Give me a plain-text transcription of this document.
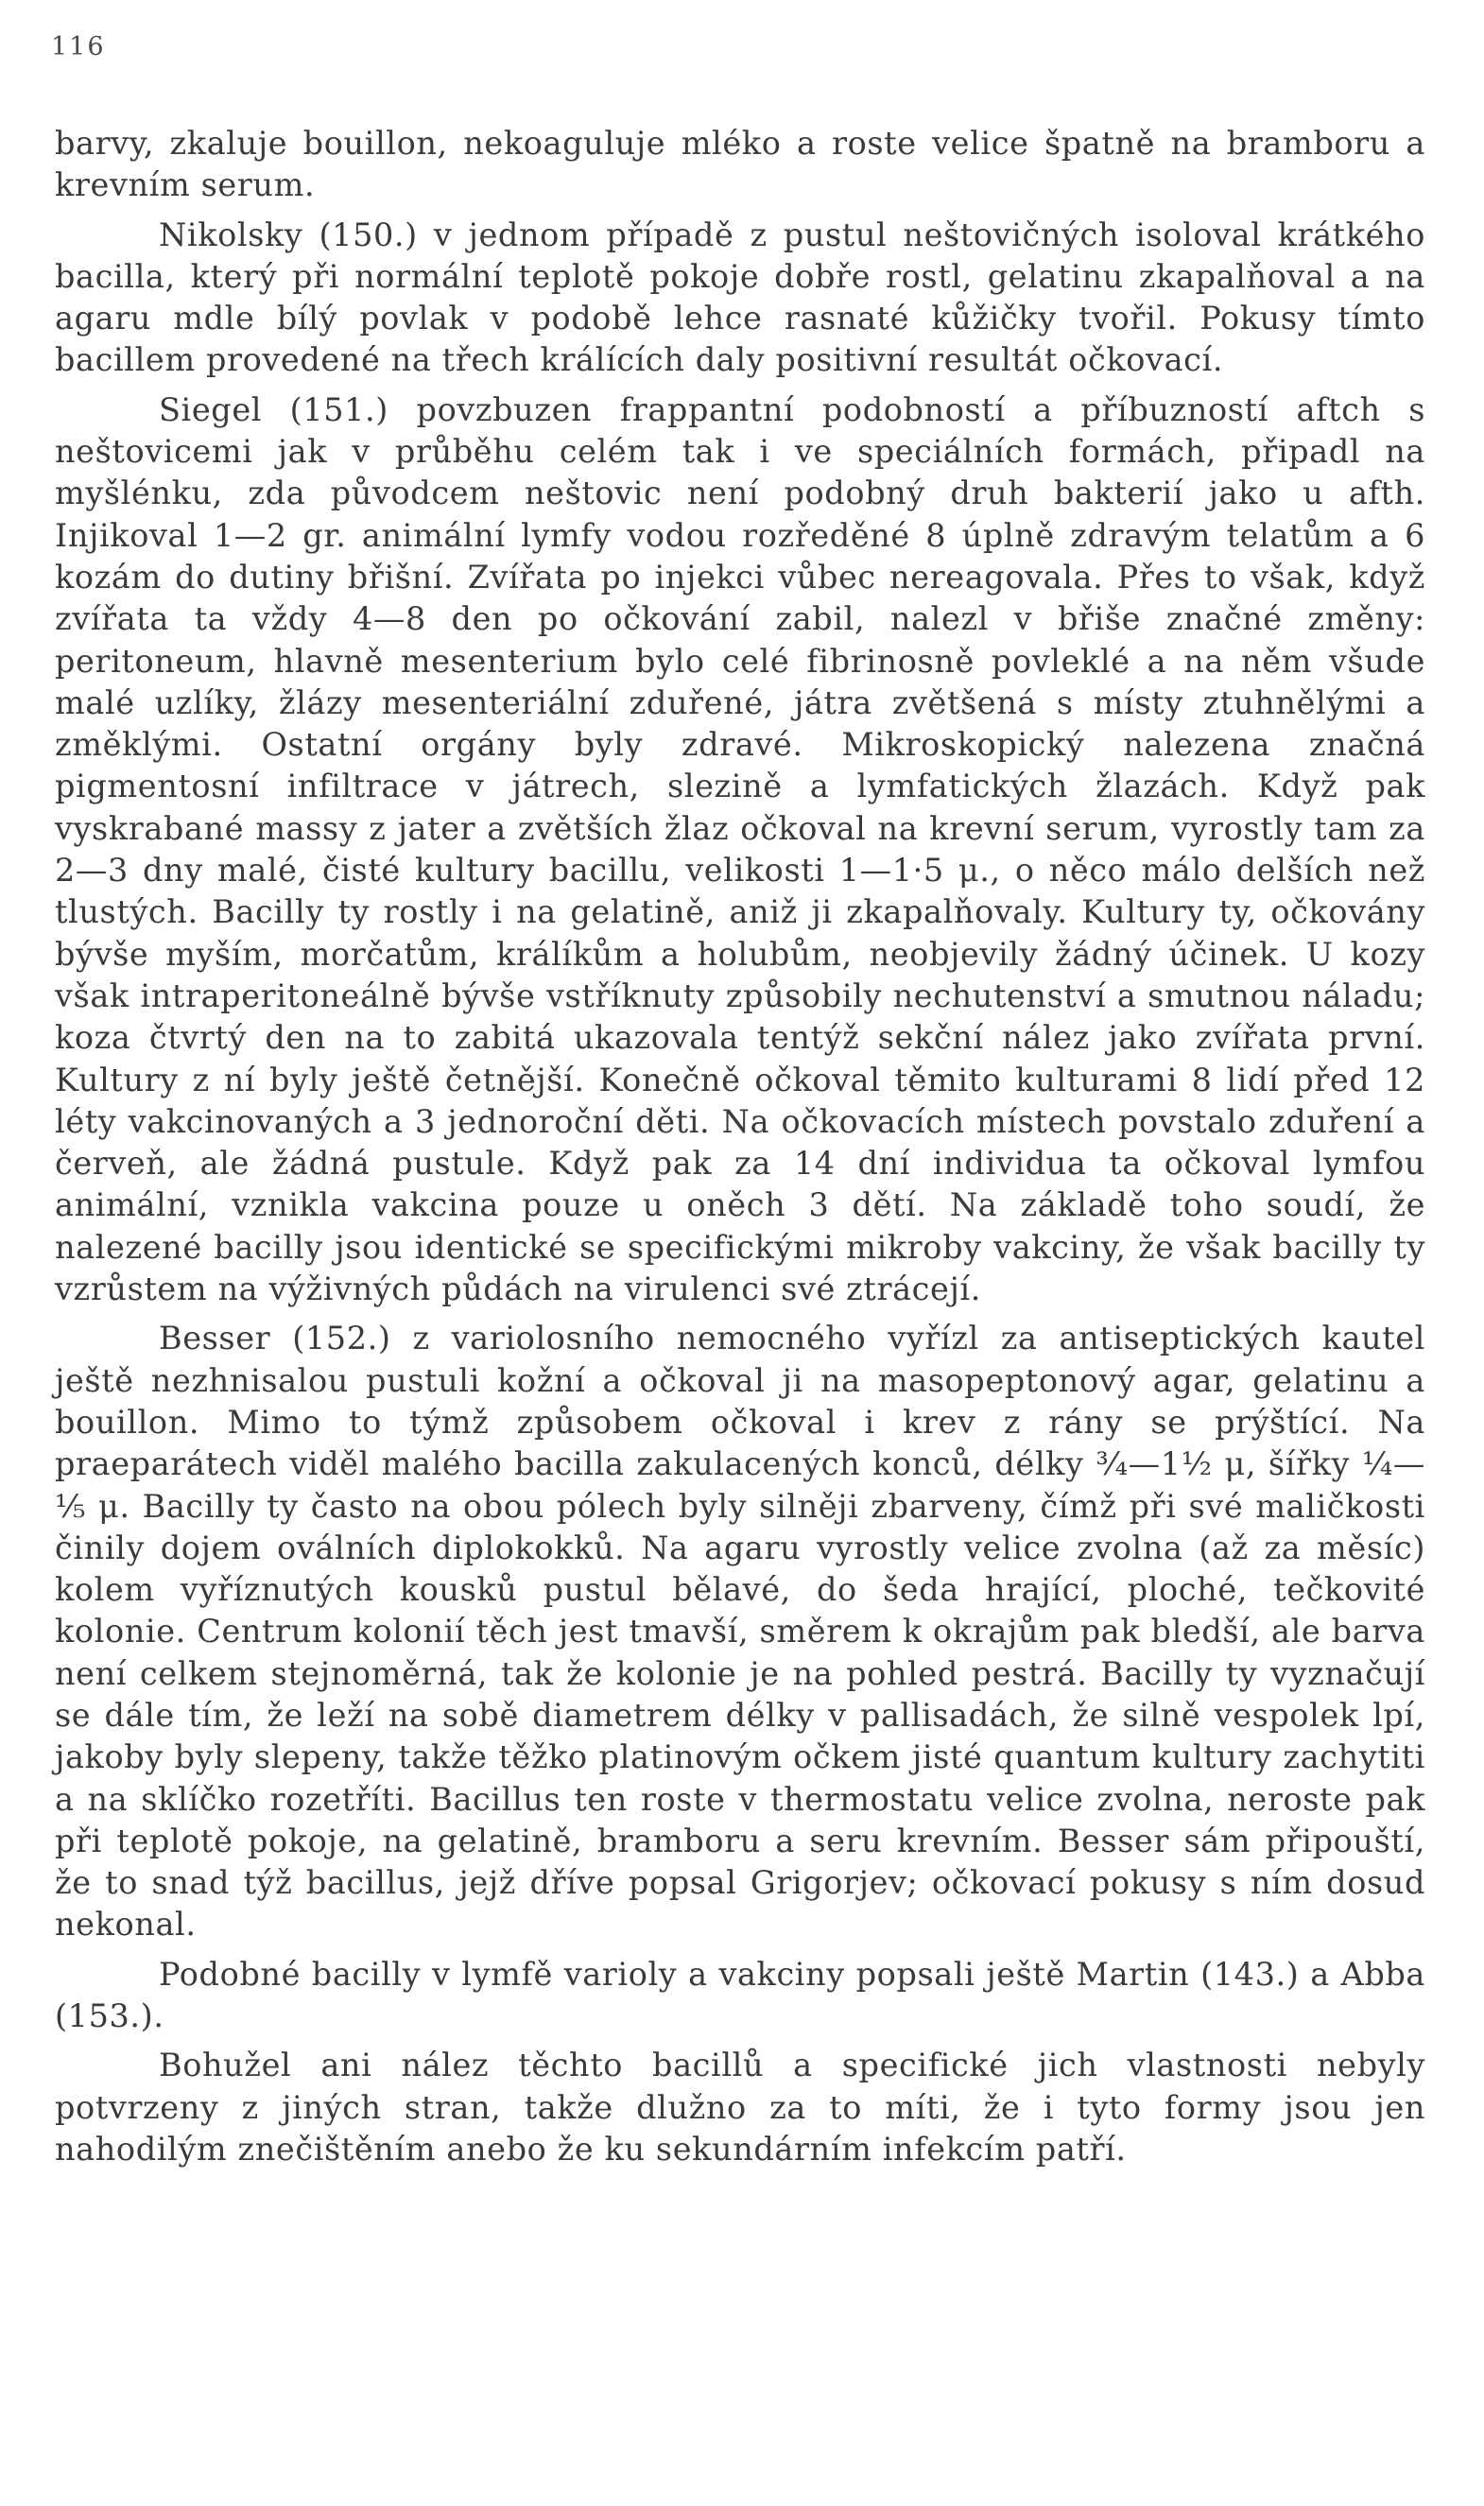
116

barvy, zkaluje bouillon, nekoaguluje mléko a roste velice špatně na bramboru a krevním serum.

Nikolsky (150.) v jednom případě z pustul neštovičných isoloval krátkého bacilla, který při normální teplotě pokoje dobře rostl, gelatinu zkapalňoval a na agaru mdle bílý povlak v podobě lehce rasnaté kůžičky tvořil. Pokusy tímto bacillem provedené na třech králících daly positivní resultát očkovací.

Siegel (151.) povzbuzen frappantní podobností a příbuzností aftch s neštovicemi jak v průběhu celém tak i ve speciálních formách, připadl na myšlénku, zda původcem neštovic není podobný druh bakterií jako u afth. Injikoval 1—2 gr. animální lymfy vodou rozředěné 8 úplně zdravým telatům a 6 kozám do dutiny břišní. Zvířata po injekci vůbec nereagovala. Přes to však, když zvířata ta vždy 4—8 den po očkování zabil, nalezl v břiše značné změny: peritoneum, hlavně mesenterium bylo celé fibrinosně povleklé a na něm všude malé uzlíky, žlázy mesenteriální zduřené, játra zvětšená s místy ztuhnělými a změklými. Ostatní orgány byly zdravé. Mikroskopický nalezena značná pigmentosní infiltrace v játrech, slezině a lymfatických žlazách. Když pak vyskrabané massy z jater a zvětších žlaz očkoval na krevní serum, vyrostly tam za 2—3 dny malé, čisté kultury bacillu, velikosti 1—1·5 μ., o něco málo delších než tlustých. Bacilly ty rostly i na gelatině, aniž ji zkapalňovaly. Kultury ty, očkovány bývše myším, morčatům, králíkům a holubům, neobjevily žádný účinek. U kozy však intraperitoneálně bývše vstříknuty způsobily nechutenství a smutnou náladu; koza čtvrtý den na to zabitá ukazovala tentýž sekční nález jako zvířata první. Kultury z ní byly ještě četnější. Konečně očkoval těmito kulturami 8 lidí před 12 léty vakcinovaných a 3 jednoroční děti. Na očkovacích místech povstalo zduření a červeň, ale žádná pustule. Když pak za 14 dní individua ta očkoval lymfou animální, vznikla vakcina pouze u oněch 3 dětí. Na základě toho soudí, že nalezené bacilly jsou identické se specifickými mikroby vakciny, že však bacilly ty vzrůstem na výživných půdách na virulenci své ztrácejí.

Besser (152.) z variolosního nemocného vyřízl za antiseptických kautel ještě nezhnisalou pustuli kožní a očkoval ji na masopeptonový agar, gelatinu a bouillon. Mimo to týmž způsobem očkoval i krev z rány se prýštící. Na praeparátech viděl malého bacilla zakulacených konců, délky ³⁄₄—1½ μ, šířky ¼—⅕ μ. Bacilly ty často na obou pólech byly silněji zbarveny, čímž při své maličkosti činily dojem oválních diplokokků. Na agaru vyrostly velice zvolna (až za měsíc) kolem vyříznutých kousků pustul bělavé, do šeda hrající, ploché, tečkovité kolonie. Centrum kolonií těch jest tmavší, směrem k okrajům pak bledší, ale barva není celkem stejnoměrná, tak že kolonie je na pohled pestrá. Bacilly ty vyznačují se dále tím, že leží na sobě diametrem délky v pallisadách, že silně vespolek lpí, jakoby byly slepeny, takže těžko platinovým očkem jisté quantum kultury zachytiti a na sklíčko rozetříti. Bacillus ten roste v thermostatu velice zvolna, neroste pak při teplotě pokoje, na gelatině, bramboru a seru krevním. Besser sám připouští, že to snad týž bacillus, jejž dříve popsal Grigorjev; očkovací pokusy s ním dosud nekonal.

Podobné bacilly v lymfě varioly a vakciny popsali ještě Martin (143.) a Abba (153.).

Bohužel ani nález těchto bacillů a specifické jich vlastnosti nebyly potvrzeny z jiných stran, takže dlužno za to míti, že i tyto formy jsou jen nahodilým znečištěním anebo že ku sekundárním infekcím patří.
